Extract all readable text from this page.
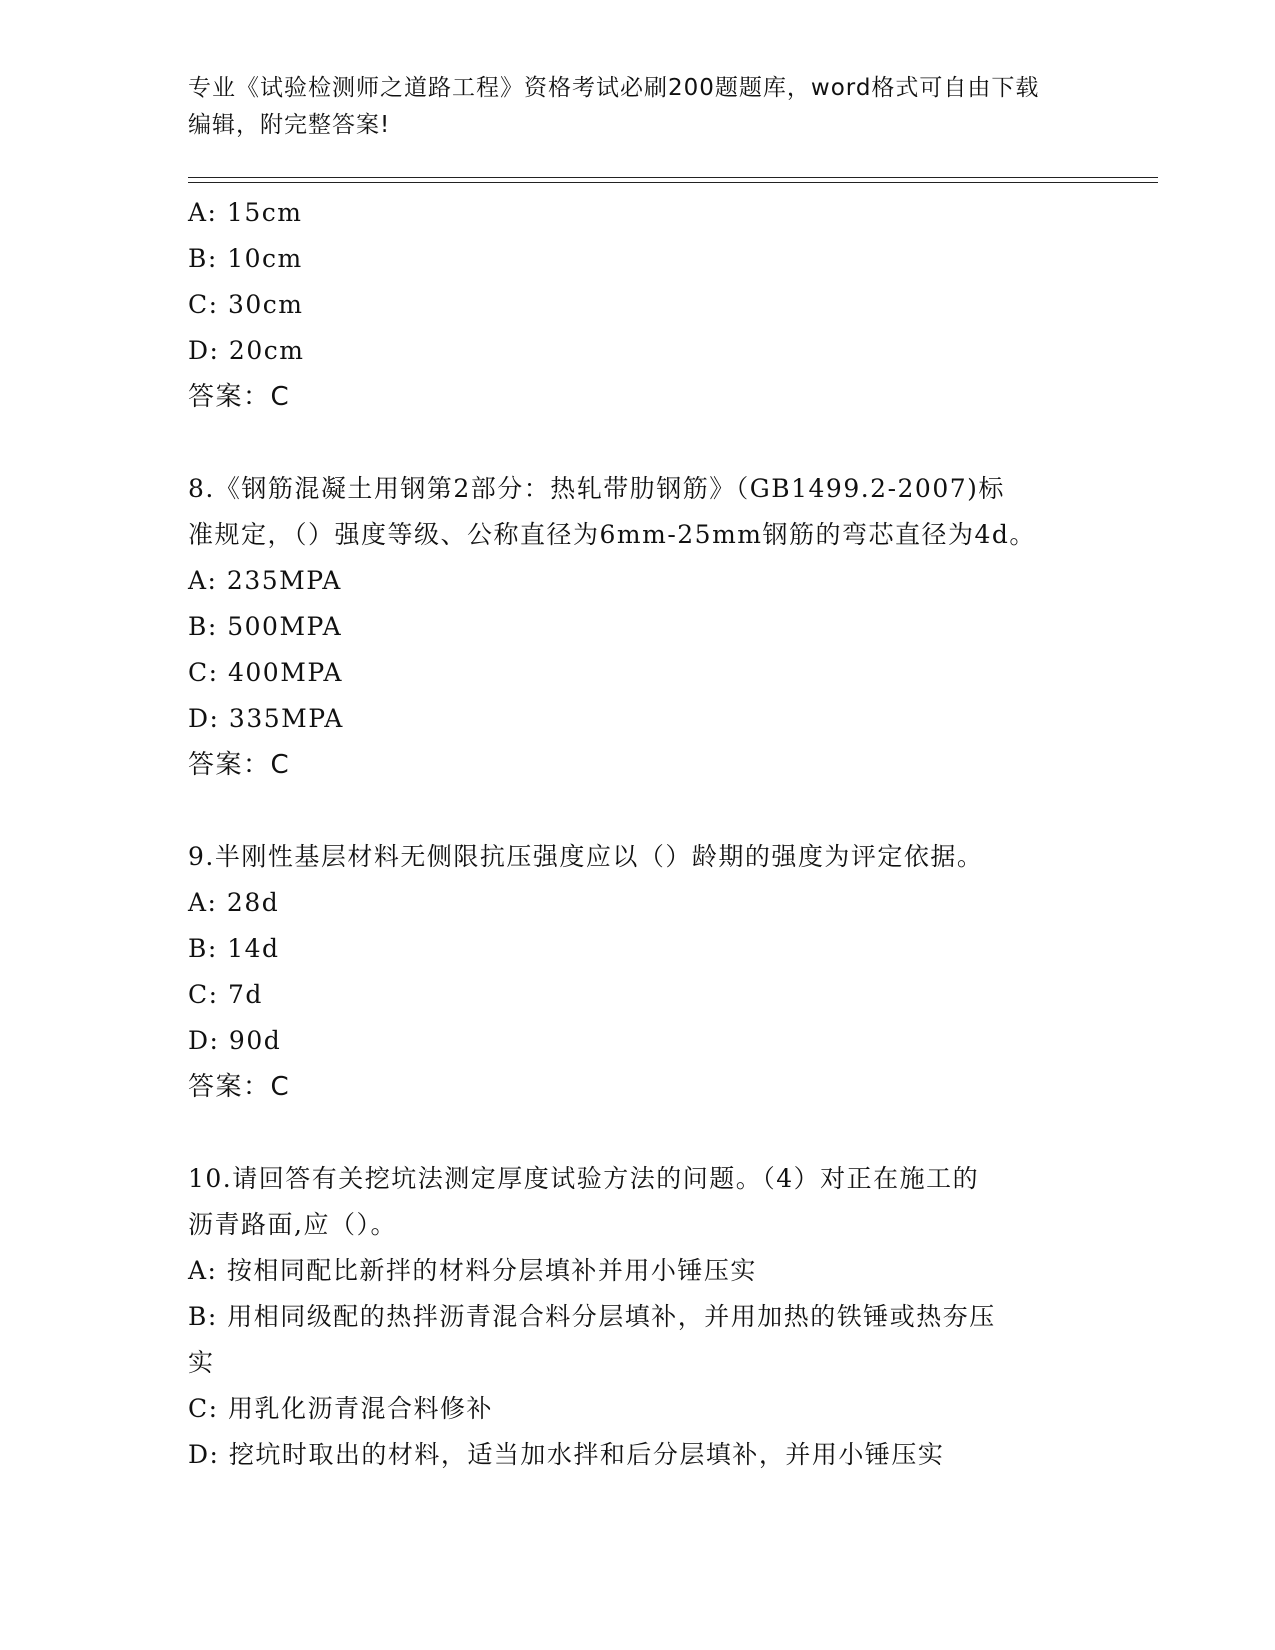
专业《试验检测师之道路工程》资格考试必刷200题题库，word格式可自由下载
编辑，附完整答案!
A: 15cm
B: 10cm
C: 30cm
D: 20cm
答案：C
8.《钢筋混凝土用钢第2部分：热轧带肋钢筋》（GB1499.2-2007)标
准规定，（）强度等级、公称直径为6mm-25mm钢筋的弯芯直径为4d。
A: 235MPA
B: 500MPA
C: 400MPA
D: 335MPA
答案：C
9.半刚性基层材料无侧限抗压强度应以（）龄期的强度为评定依据。
A: 28d
B: 14d
C: 7d
D: 90d
答案：C
10.请回答有关挖坑法测定厚度试验方法的问题。（4）对正在施工的
沥青路面,应（）。
A: 按相同配比新拌的材料分层填补并用小锤压实
B: 用相同级配的热拌沥青混合料分层填补，并用加热的铁锤或热夯压
实
C: 用乳化沥青混合料修补
D: 挖坑时取出的材料，适当加水拌和后分层填补，并用小锤压实
